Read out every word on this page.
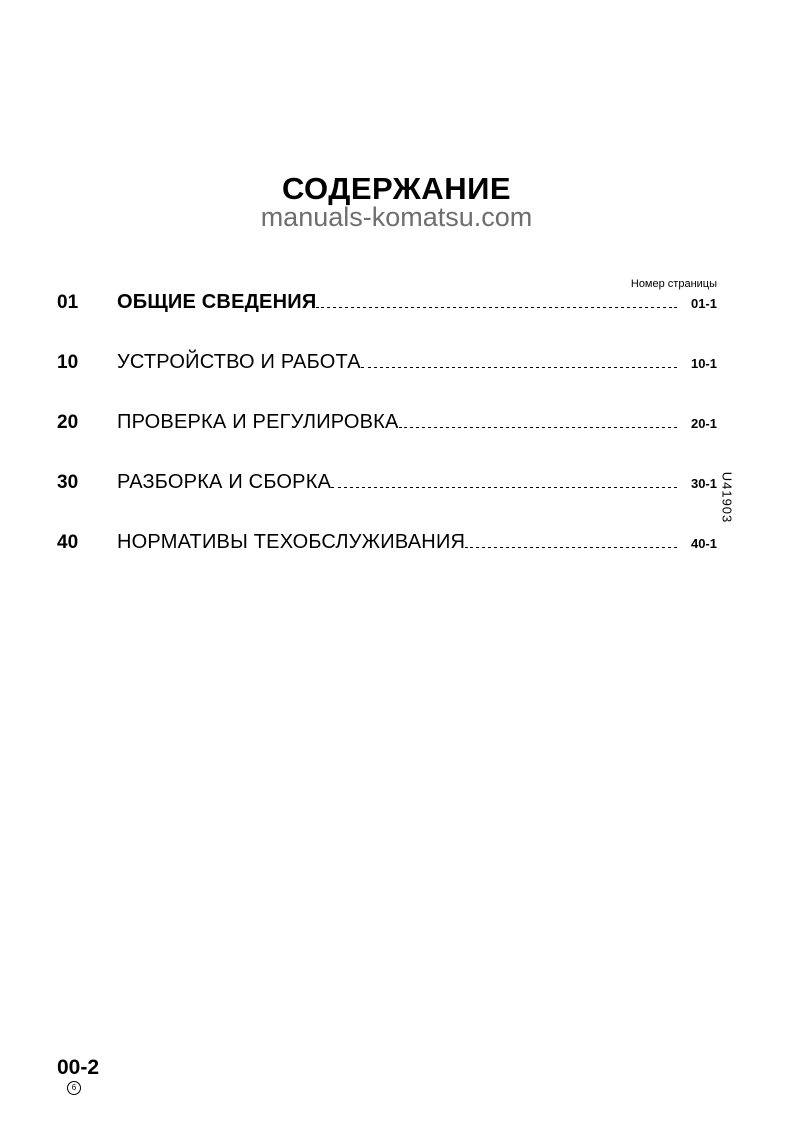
СОДЕРЖАНИЕ
manuals-komatsu.com
Номер страницы
01	ОБЩИЕ СВЕДЕНИЯ	01-1
10	УСТРОЙСТВО И РАБОТА	10-1
20	ПРОВЕРКА И РЕГУЛИРОВКА	20-1
30	РАЗБОРКА И СБОРКА	30-1
40	НОРМАТИВЫ ТЕХОБСЛУЖИВАНИЯ	40-1
U41903
00-2
6
